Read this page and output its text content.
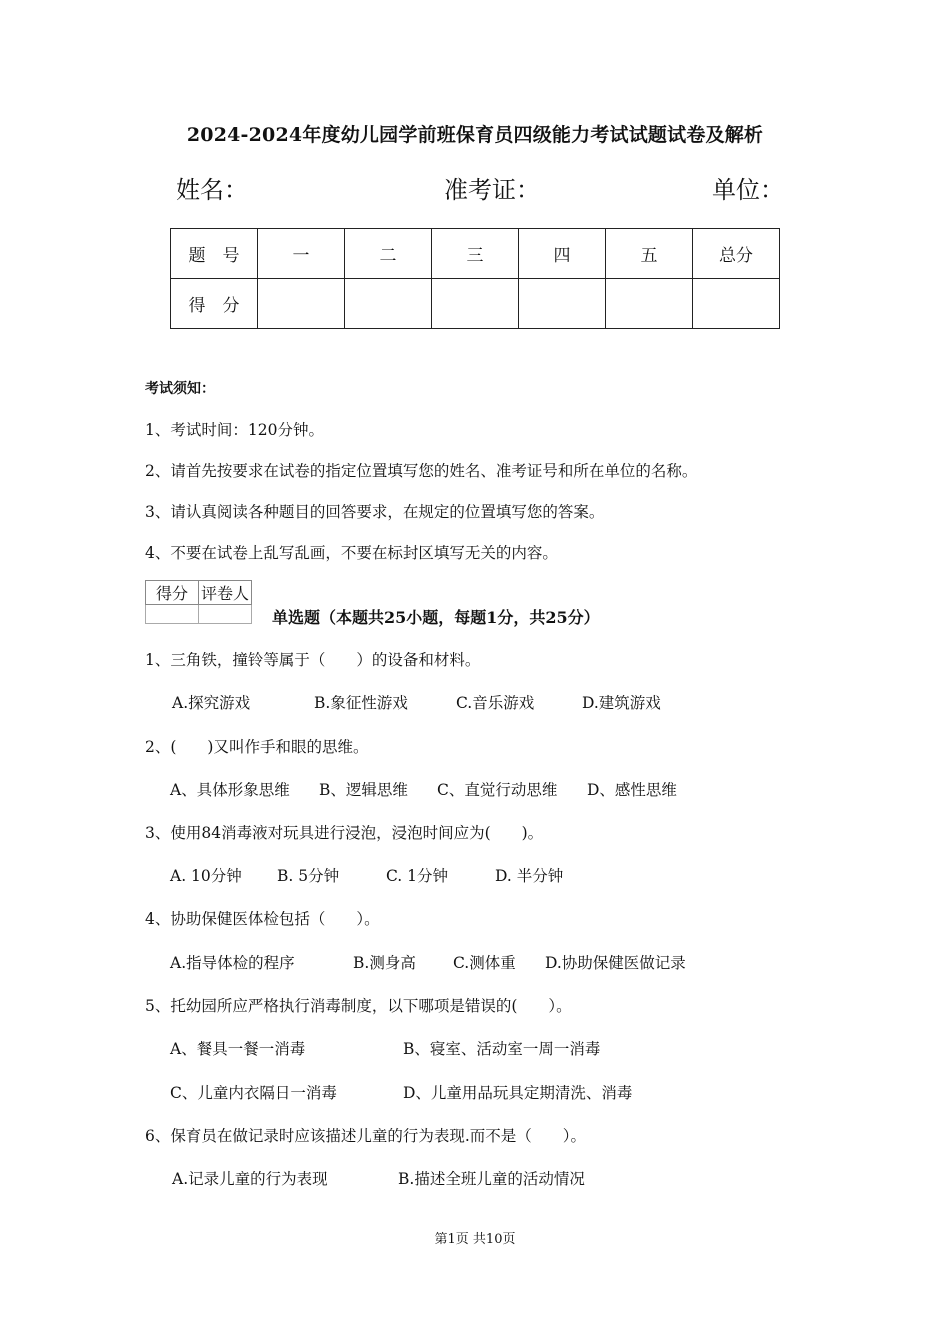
2024-2024年度幼儿园学前班保育员四级能力考试试题试卷及解析
姓名：	准考证：	单位：
题　号	一	二	三	四	五	总分
得　分						
考试须知：
1、考试时间：120分钟。
2、请首先按要求在试卷的指定位置填写您的姓名、准考证号和所在单位的名称。
3、请认真阅读各种题目的回答要求，在规定的位置填写您的答案。
4、不要在试卷上乱写乱画，不要在标封区填写无关的内容。
得分	评卷人

单选题（本题共25小题，每题1分，共25分）
1、三角铁，撞铃等属于（　　）的设备和材料。
A.探究游戏	B.象征性游戏	C.音乐游戏	D.建筑游戏
2、(　　)又叫作手和眼的思维。
A、具体形象思维 B、逻辑思维 C、直觉行动思维 D、感性思维
3、使用84消毒液对玩具进行浸泡，浸泡时间应为(　　)。
A. 10分钟 B. 5分钟	C. 1分钟	D. 半分钟
4、协助保健医体检包括（　　）。
A.指导体检的程序	B.测身高 C.测体重 D.协助保健医做记录
5、托幼园所应严格执行消毒制度，以下哪项是错误的(　　）。
A、餐具一餐一消毒	B、寝室、活动室一周一消毒
C、儿童内衣隔日一消毒	D、儿童用品玩具定期清洗、消毒
6、保育员在做记录时应该描述儿童的行为表现.而不是（　　）。
A.记录儿童的行为表现	B.描述全班儿童的活动情况
第1页 共10页
